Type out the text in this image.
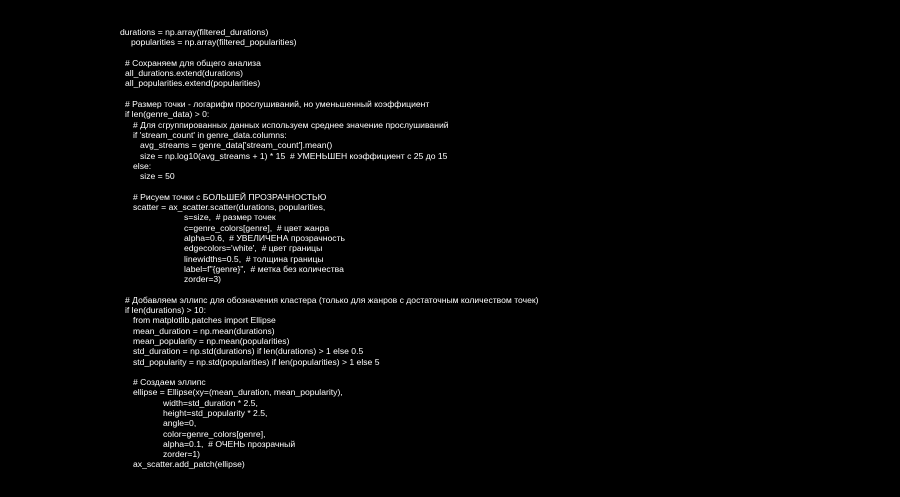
durations = np.array(filtered_durations)
popularities = np.array(filtered_popularities)
# Сохраняем для общего анализа
all_durations.extend(durations)
all_popularities.extend(popularities)
# Размер точки - логарифм прослушиваний, но уменьшенный коэффициент
if len(genre_data) > 0:
# Для сгруппированных данных используем среднее значение прослушиваний
if 'stream_count' in genre_data.columns:
avg_streams = genre_data['stream_count'].mean()
size = np.log10(avg_streams + 1) * 15  # УМЕНЬШЕН коэффициент с 25 до 15
else:
size = 50
# Рисуем точки с БОЛЬШЕЙ ПРОЗРАЧНОСТЬЮ
scatter = ax_scatter.scatter(durations, popularities,
s=size,  # размер точек
c=genre_colors[genre],  # цвет жанра
alpha=0.6,  # УВЕЛИЧЕНА прозрачность
edgecolors='white',  # цвет границы
linewidths=0.5,  # толщина границы
label=f"{genre}",  # метка без количества
zorder=3)
# Добавляем эллипс для обозначения кластера (только для жанров с достаточным количеством точек)
if len(durations) > 10:
from matplotlib.patches import Ellipse
mean_duration = np.mean(durations)
mean_popularity = np.mean(popularities)
std_duration = np.std(durations) if len(durations) > 1 else 0.5
std_popularity = np.std(popularities) if len(popularities) > 1 else 5
# Создаем эллипс
ellipse = Ellipse(xy=(mean_duration, mean_popularity),
width=std_duration * 2.5,
height=std_popularity * 2.5,
angle=0,
color=genre_colors[genre],
alpha=0.1,  # ОЧЕНЬ прозрачный
zorder=1)
ax_scatter.add_patch(ellipse)
